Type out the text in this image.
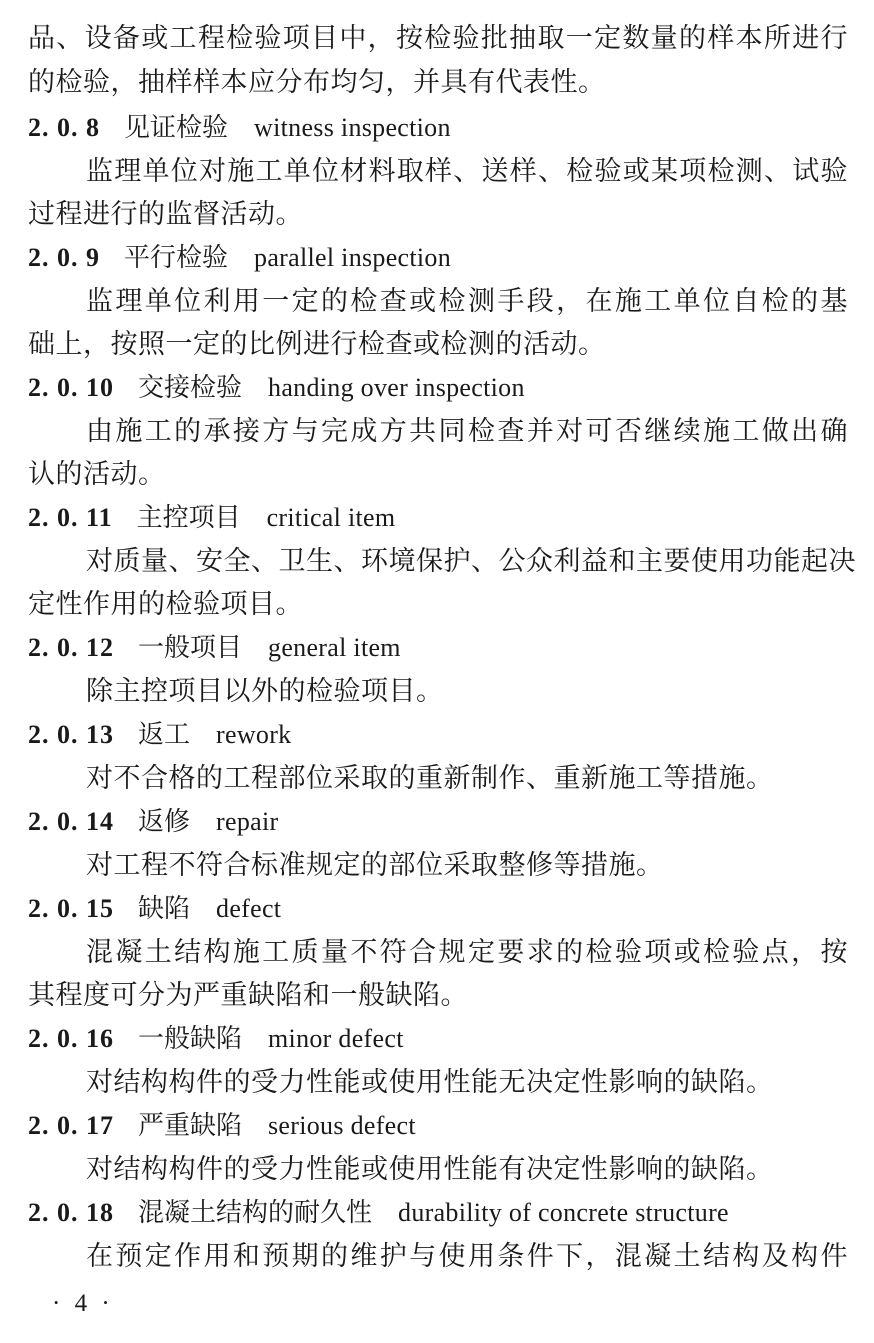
品、设备或工程检验项目中，按检验批抽取一定数量的样本所进行
的检验，抽样样本应分布均匀，并具有代表性。
2. 0. 8 见证检验 witness inspection
监理单位对施工单位材料取样、送样、检验或某项检测、试验
过程进行的监督活动。
2. 0. 9 平行检验 parallel inspection
监理单位利用一定的检查或检测手段，在施工单位自检的基
础上，按照一定的比例进行检查或检测的活动。
2. 0. 10 交接检验 handing over inspection
由施工的承接方与完成方共同检查并对可否继续施工做出确
认的活动。
2. 0. 11 主控项目 critical item
对质量、安全、卫生、环境保护、公众利益和主要使用功能起决
定性作用的检验项目。
2. 0. 12 一般项目 general item
除主控项目以外的检验项目。
2. 0. 13 返工 rework
对不合格的工程部位采取的重新制作、重新施工等措施。
2. 0. 14 返修 repair
对工程不符合标准规定的部位采取整修等措施。
2. 0. 15 缺陷 defect
混凝土结构施工质量不符合规定要求的检验项或检验点，按
其程度可分为严重缺陷和一般缺陷。
2. 0. 16 一般缺陷 minor defect
对结构构件的受力性能或使用性能无决定性影响的缺陷。
2. 0. 17 严重缺陷 serious defect
对结构构件的受力性能或使用性能有决定性影响的缺陷。
2. 0. 18 混凝土结构的耐久性 durability of concrete structure
在预定作用和预期的维护与使用条件下，混凝土结构及构件
· 4 ·
